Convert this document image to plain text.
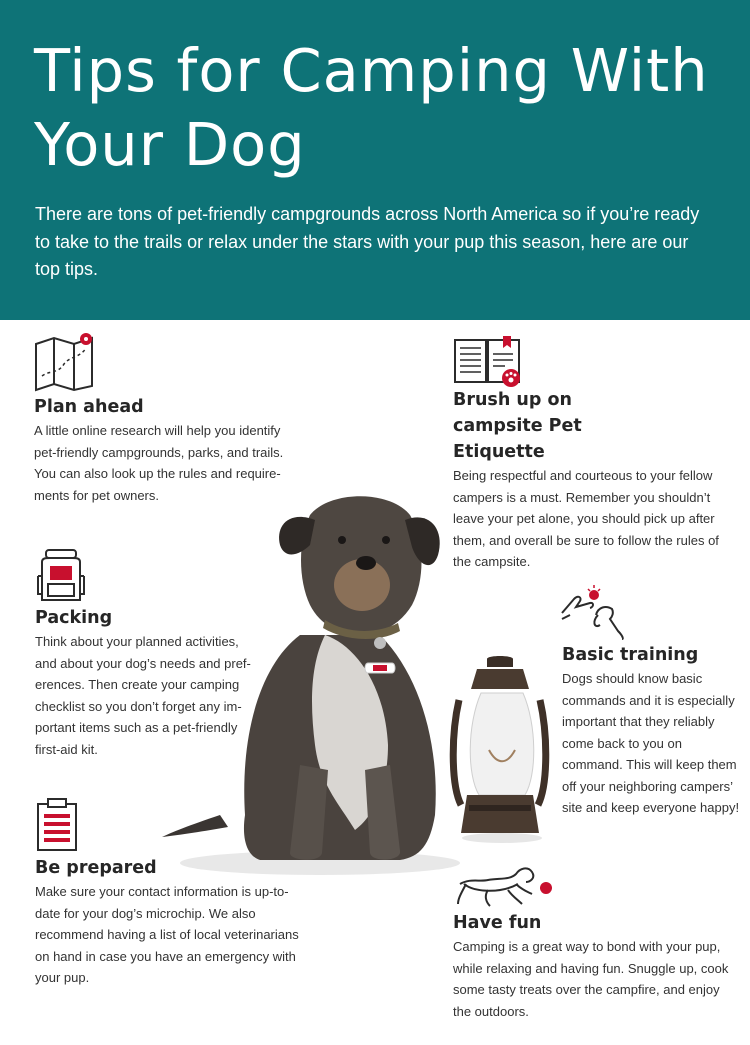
Tips for Camping With Your Dog

There are tons of pet-friendly campgrounds across North America so if you’re ready to take to the trails or relax under the stars with your pup this season, here are our top tips.

Plan ahead

A little online research will help you identify pet-friendly campgrounds, parks, and trails. You can also look up the rules and requirements for pet owners.

Brush up on campsite Pet Etiquette

Being respectful and courteous to your fellow campers is a must. Remember you shouldn’t leave your pet alone, you should pick up after them, and overall be sure to follow the rules of the campsite.

Packing

Think about your planned activities, and about your dog’s needs and preferences. Then create your camping checklist so you don’t forget any important items such as a pet-friendly first-aid kit.

Basic training

Dogs should know basic commands and it is especially important that they reliably come back to you on command. This will keep them off your neighboring campers’ site and keep everyone happy!

Be prepared

Make sure your contact information is up-to-date for your dog’s microchip. We also recommend having a list of local veterinarians on hand in case you have an emergency with your pup.

Have fun

Camping is a great way to bond with your pup, while relaxing and having fun. Snuggle up, cook some tasty treats over the campfire, and enjoy the outdoors.
